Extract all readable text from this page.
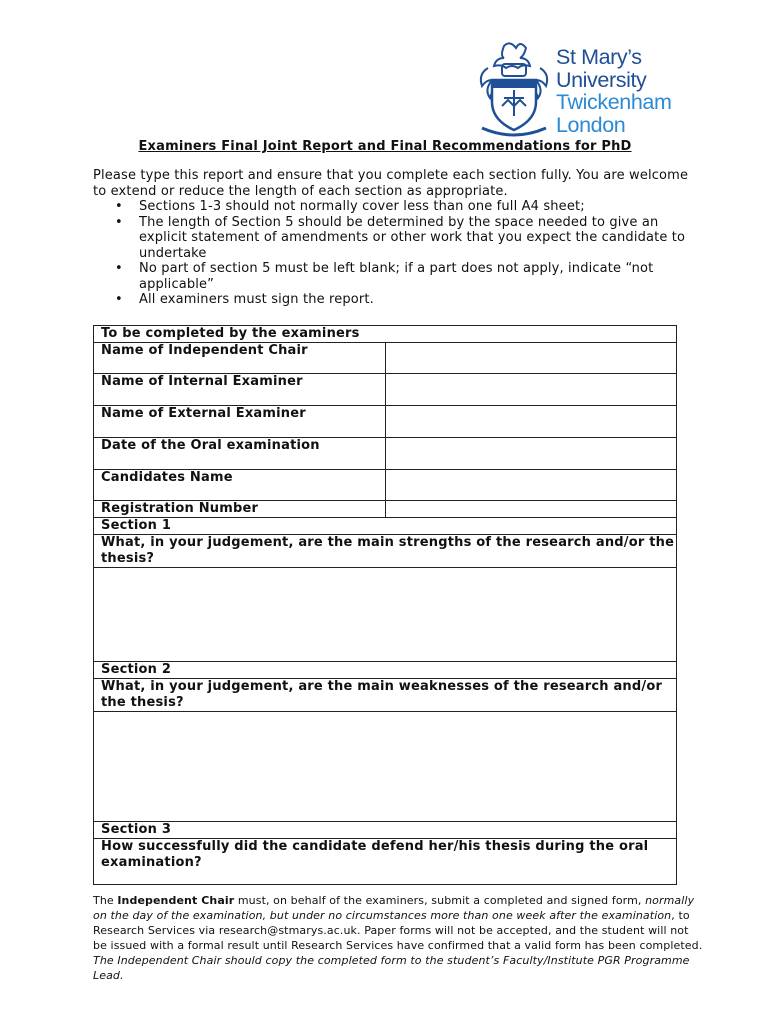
St Mary’s
University
Twickenham
London
Examiners Final Joint Report and Final Recommendations for PhD

Please type this report and ensure that you complete each section fully. You are welcome to extend or reduce the length of each section as appropriate.

• Sections 1-3 should not normally cover less than one full A4 sheet;
• The length of Section 5 should be determined by the space needed to give an explicit statement of amendments or other work that you expect the candidate to undertake
• No part of section 5 must be left blank; if a part does not apply, indicate “not applicable”
• All examiners must sign the report.
To be completed by the examiners	
Name of Independent Chair	
Name of Internal Examiner	
Name of External Examiner	
Date of the Oral examination	
Candidates Name	
Registration Number	
Section 1	
What, in your judgement, are the main strengths of the research and/or the thesis?	

Section 2	
What, in your judgement, are the main weaknesses of the research and/or the thesis?	

Section 3	
How successfully did the candidate defend her/his thesis during the oral examination?	

The Independent Chair must, on behalf of the examiners, submit a completed and signed form, normally on the day of the examination, but under no circumstances more than one week after the examination, to Research Services via research@stmarys.ac.uk. Paper forms will not be accepted, and the student will not be issued with a formal result until Research Services have confirmed that a valid form has been completed. The Independent Chair should copy the completed form to the student’s Faculty/Institute PGR Programme Lead.
